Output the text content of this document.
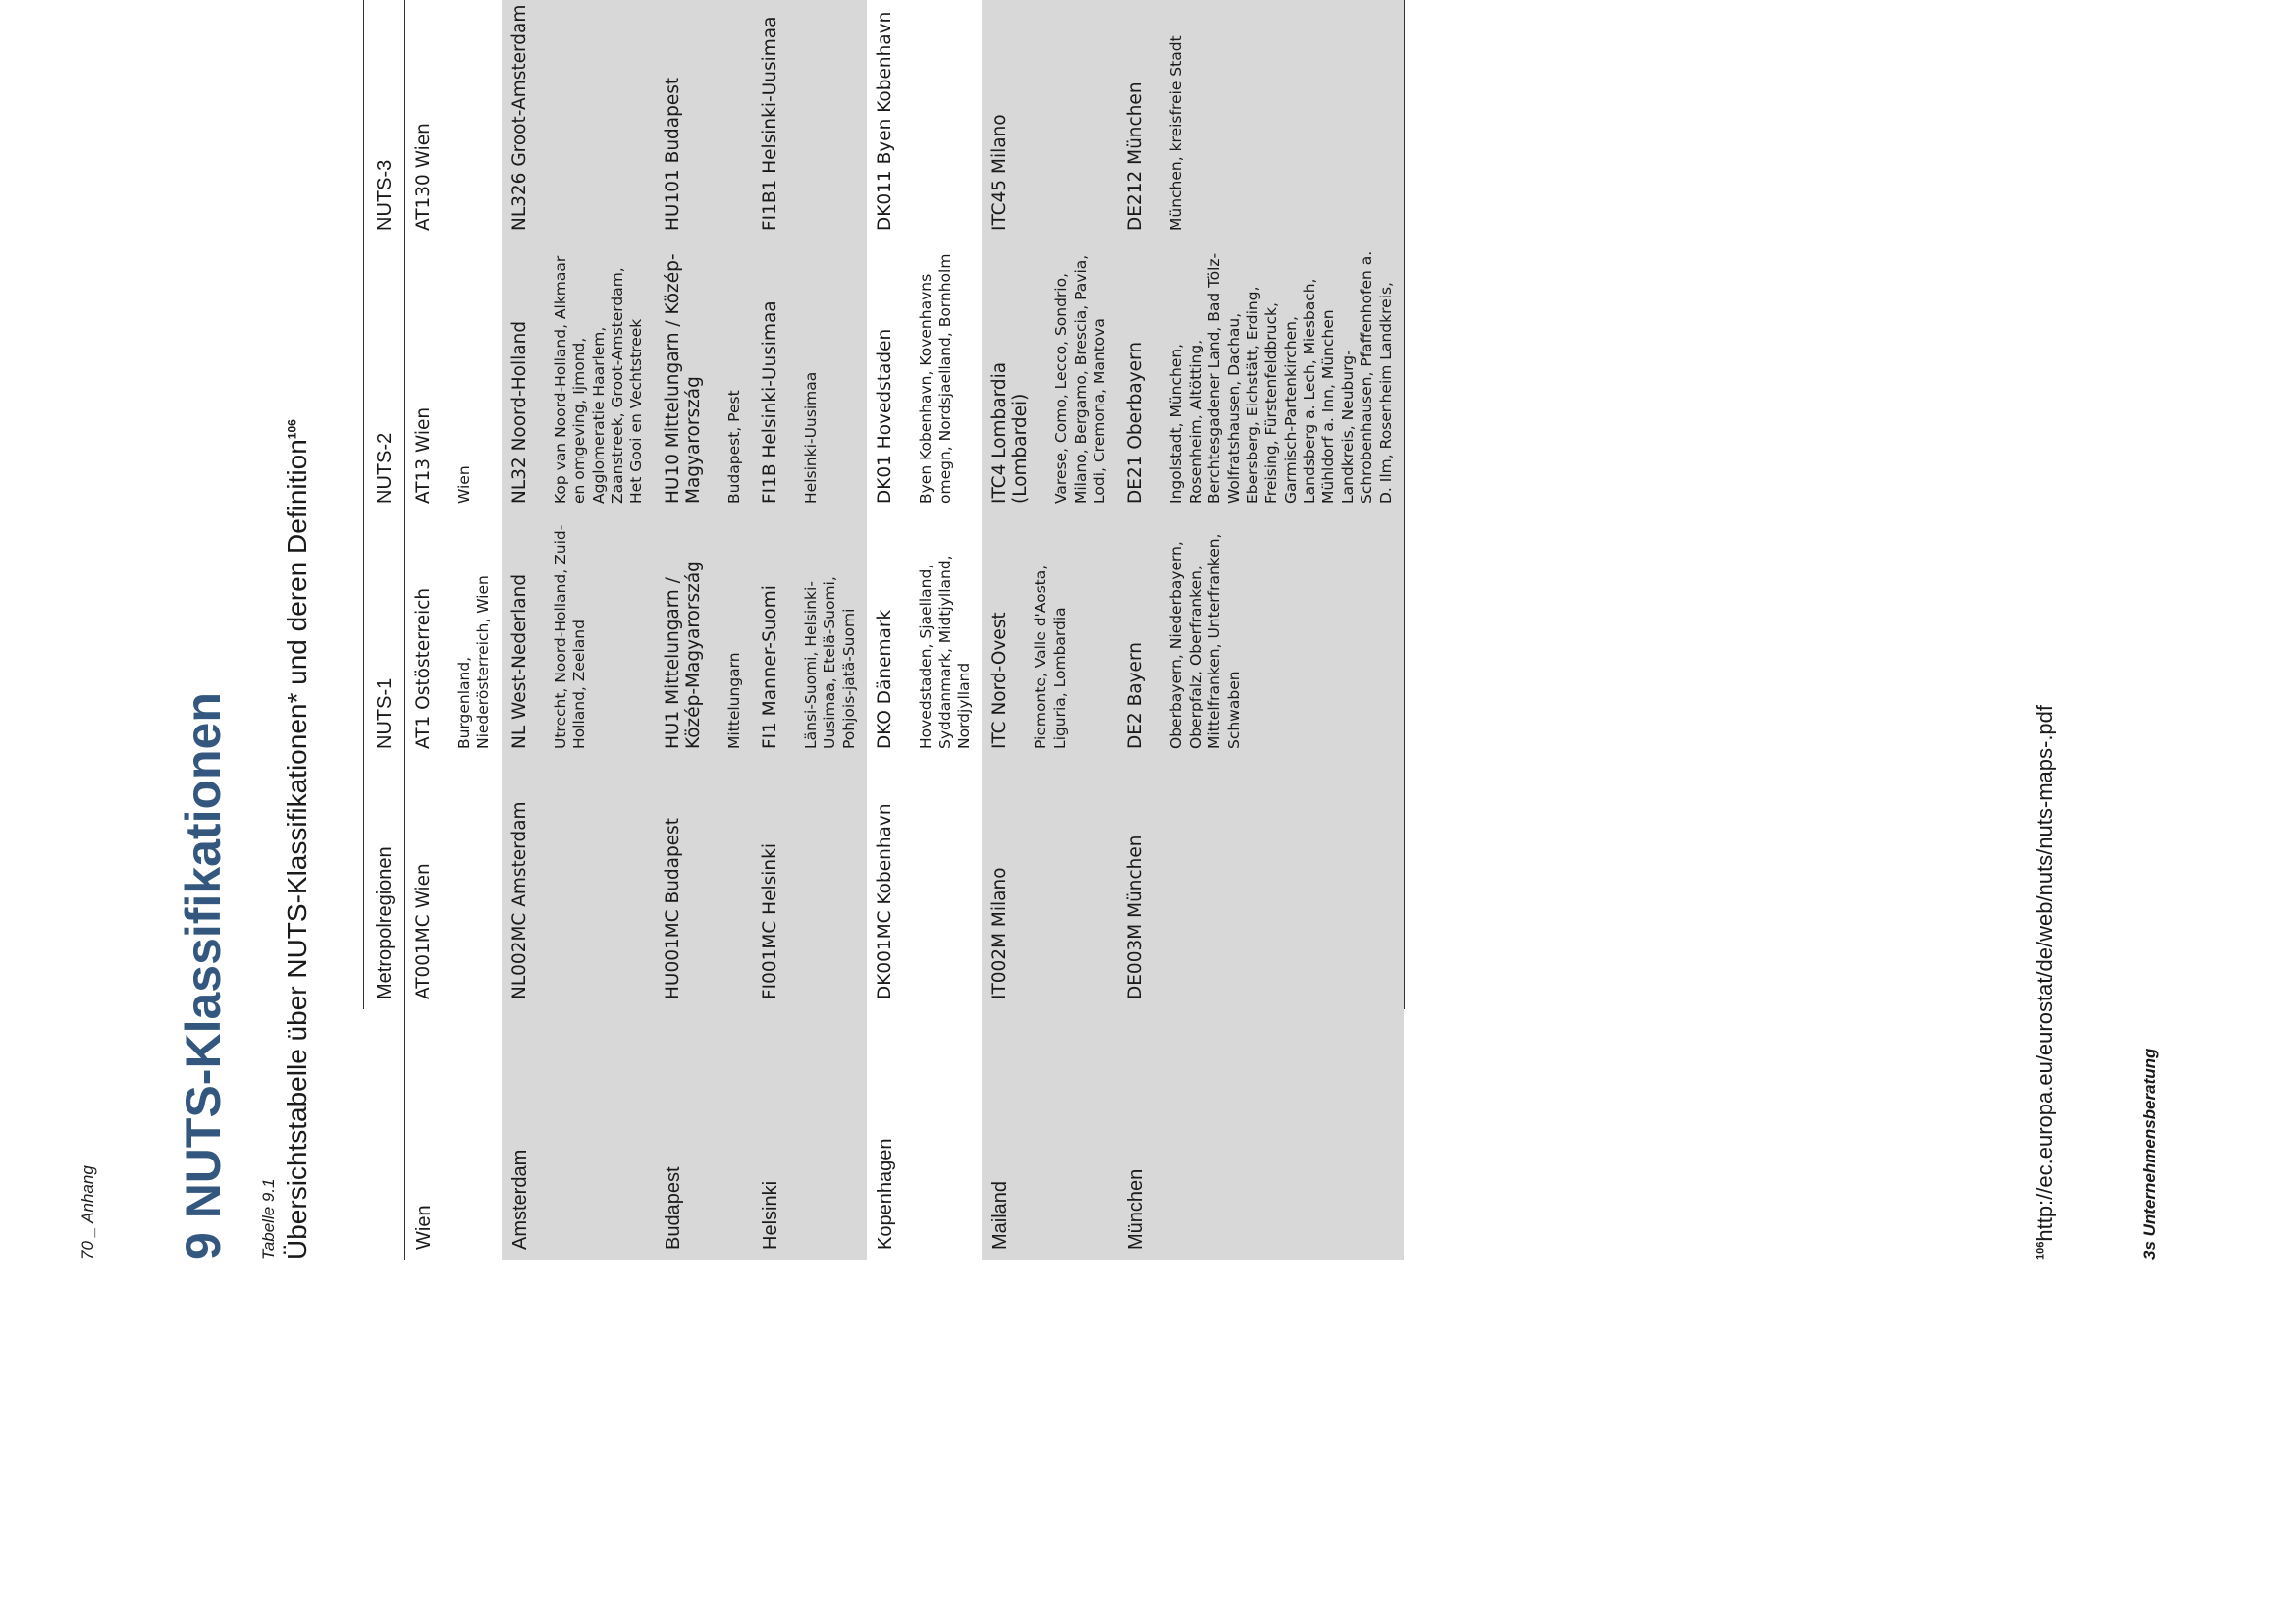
70 _ Anhang 9 NUTS-Klassifikationen Tabelle 9.1 Übersichtstabelle über NUTS-Klassifikationen* und deren Definition$^{106}$
	Metropolregionen	NUTS-1	NUTS-2	NUTS-3
Wien	AT001MC Wien	AT1 Ostösterreich Burgenland, Niederösterreich, Wien	AT13 Wien Wien	AT130 Wien
Amsterdam	NL002MC Amsterdam	NL West-Nederland Utrecht, Noord-Holland, Zuid-Holland, Zeeland	NL32 Noord-Holland Kop van Noord-Holland, Alkmaar en omgeving, Ijmond, Agglomeratie Haarlem, Zaanstreek, Groot-Amsterdam, Het Gooi en Vechtstreek	NL326 Groot-Amsterdam
Budapest	HU001MC Budapest	HU1 Mittelungarn / Közép-Magyarország Mittelungarn	HU10 Mittelungarn / Közép-Magyarország Budapest, Pest	HU101 Budapest
Helsinki	FI001MC Helsinki	FI1 Manner-Suomi Länsi-Suomi, Helsinki-Uusimaa, Etelä-Suomi, Pohjois-jatä-Suomi	FI1B Helsinki-Uusimaa Helsinki-Uusimaa	FI1B1 Helsinki-Uusimaa
Kopenhagen	DK001MC Kobenhavn	DKO Dänemark Hovedstaden, Sjaelland, Syddanmark, Midtjylland, Nordjylland	DK01 Hovedstaden Byen Kobenhavn, Kovenhavns omegn, Nordsjaelland, Bornholm	DK011 Byen Kobenhavn
Mailand	IT002M Milano	ITC Nord-Ovest Piemonte, Valle d'Aosta, Liguria, Lombardia	ITC4 Lombardia (Lombardei) Varese, Como, Lecco, Sondrio, Milano, Bergamo, Brescia, Pavia, Lodi, Cremona, Mantova	ITC45 Milano
München	DE003M München	DE2 Bayern Oberbayern, Niederbayern, Oberpfalz, Oberfranken, Mittelfranken, Unterfranken, Schwaben	DE21 Oberbayern Ingolstadt, München, Rosenheim, Altötting, Berchtesgadener Land, Bad Tölz-Wolfratshausen, Dachau, Ebersberg, Eichstätt, Erding, Freising, Fürstenfeldbruck, Garmisch-Partenkirchen, Landsberg a. Lech, Miesbach, Mühldorf a. Inn, München Landkreis, Neuburg-Schrobenhausen, Pfaffenhofen a. D. Ilm, Rosenheim Landkreis,	DE212 München München, kreisfreie Stadt
$^{106}$http://ec.europa.eu/eurostat/de/web/nuts/nuts-maps-.pdf	3s Unternehmensberatung
